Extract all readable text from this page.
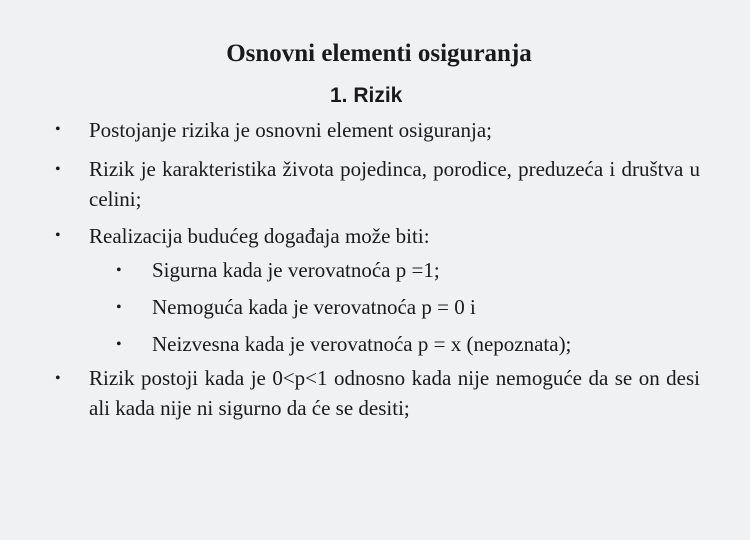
Osnovni elementi osiguranja
1. Rizik
• Postojanje rizika je osnovni element osiguranja;
• Rizik je karakteristika života pojedinca, porodice, preduzeća i društva u celini;
• Realizacija budućeg događaja može biti:
• Sigurna kada je verovatnoća p =1;
• Nemoguća kada je verovatnoća p = 0 i
• Neizvesna kada je verovatnoća p = x (nepoznata);
• Rizik postoji kada je 0<p<1 odnosno kada nije nemoguće da se on desi ali kada nije ni sigurno da će se desiti;
